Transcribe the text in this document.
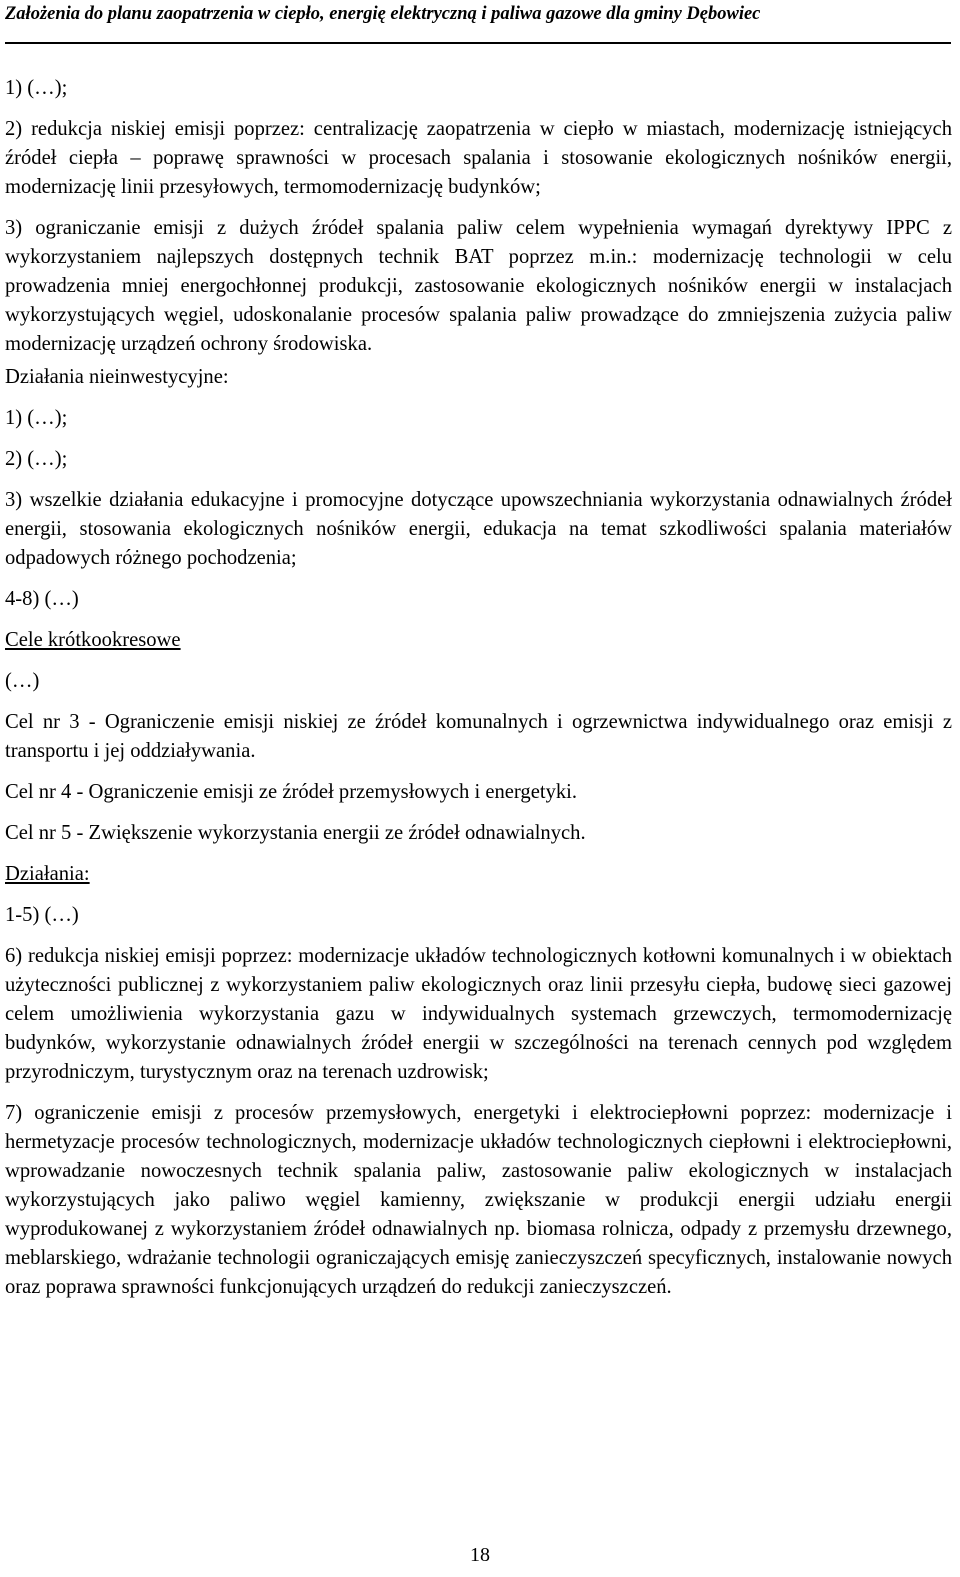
Założenia do planu zaopatrzenia w ciepło, energię elektryczną i paliwa gazowe dla gminy Dębowiec

1) (…);

2) redukcja niskiej emisji poprzez: centralizację zaopatrzenia w ciepło w miastach, modernizację istniejących źródeł ciepła – poprawę sprawności w procesach spalania i stosowanie ekologicznych nośników energii, modernizację linii przesyłowych, termomodernizację budynków;

3) ograniczanie emisji z dużych źródeł spalania paliw celem wypełnienia wymagań dyrektywy IPPC z wykorzystaniem najlepszych dostępnych technik BAT poprzez m.in.: modernizację technologii w celu prowadzenia mniej energochłonnej produkcji, zastosowanie ekologicznych nośników energii w instalacjach wykorzystujących węgiel, udoskonalanie procesów spalania paliw prowadzące do zmniejszenia zużycia paliw modernizację urządzeń ochrony środowiska.

Działania nieinwestycyjne:

1) (…);

2) (…);

3) wszelkie działania edukacyjne i promocyjne dotyczące upowszechniania wykorzystania odnawialnych źródeł energii, stosowania ekologicznych nośników energii, edukacja na temat szkodliwości spalania materiałów odpadowych różnego pochodzenia;

4-8) (…)

Cele krótkookresowe

(…)

Cel nr 3 - Ograniczenie emisji niskiej ze źródeł komunalnych i ogrzewnictwa indywidualnego oraz emisji z transportu i jej oddziaływania.

Cel nr 4 - Ograniczenie emisji ze źródeł przemysłowych i energetyki.

Cel nr 5 - Zwiększenie wykorzystania energii ze źródeł odnawialnych.

Działania:

1-5) (…)

6) redukcja niskiej emisji poprzez: modernizacje układów technologicznych kotłowni komunalnych i w obiektach użyteczności publicznej z wykorzystaniem paliw ekologicznych oraz linii przesyłu ciepła, budowę sieci gazowej celem umożliwienia wykorzystania gazu w indywidualnych systemach grzewczych, termomodernizację budynków, wykorzystanie odnawialnych źródeł energii w szczególności na terenach cennych pod względem przyrodniczym, turystycznym oraz na terenach uzdrowisk;

7) ograniczenie emisji z procesów przemysłowych, energetyki i elektrociepłowni poprzez: modernizacje i hermetyzacje procesów technologicznych, modernizacje układów technologicznych ciepłowni i elektrociepłowni, wprowadzanie nowoczesnych technik spalania paliw, zastosowanie paliw ekologicznych w instalacjach wykorzystujących jako paliwo węgiel kamienny, zwiększanie w produkcji energii udziału energii wyprodukowanej z wykorzystaniem źródeł odnawialnych np. biomasa rolnicza, odpady z przemysłu drzewnego, meblarskiego, wdrażanie technologii ograniczających emisję zanieczyszczeń specyficznych, instalowanie nowych oraz poprawa sprawności funkcjonujących urządzeń do redukcji zanieczyszczeń.

18
